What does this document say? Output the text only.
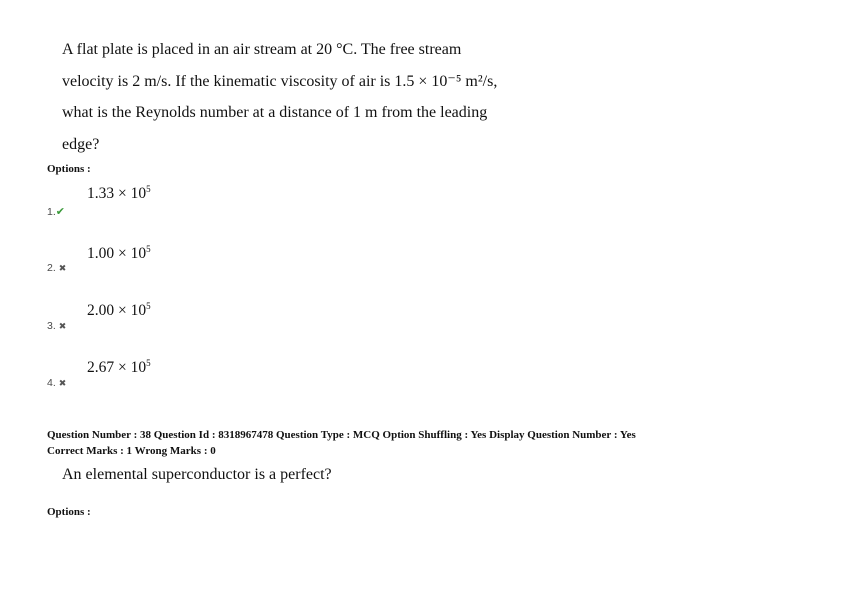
A flat plate is placed in an air stream at 20 °C. The free stream
velocity is 2 m/s. If the kinematic viscosity of air is 1.5 × 10⁻⁵ m²/s,
what is the Reynolds number at a distance of 1 m from the leading
edge?
Options :
$1.33 \times 10^5$
1.✔
$1.00 \times 10^5$
2. ✖
$2.00 \times 10^5$
3. ✖
$2.67 \times 10^5$
4. ✖
Question Number : 38 Question Id : 8318967478 Question Type : MCQ Option Shuffling : Yes Display Question Number : Yes
Correct Marks : 1 Wrong Marks : 0
An elemental superconductor is a perfect?
Options :
